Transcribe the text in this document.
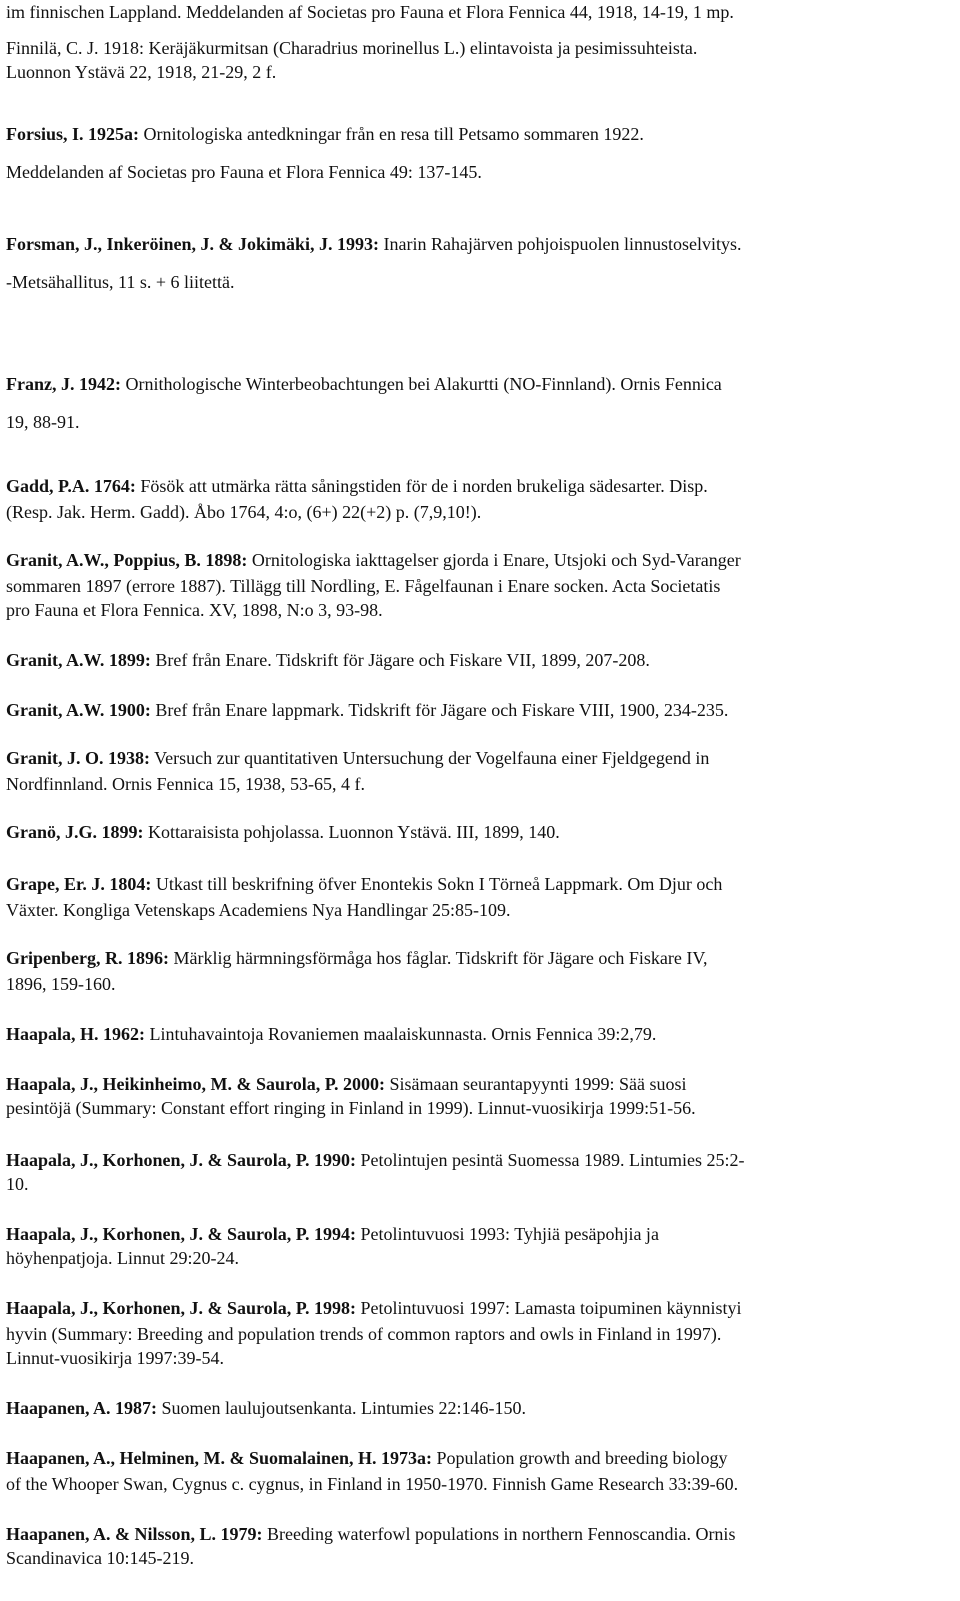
im finnischen Lappland. Meddelanden af Societas pro Fauna et Flora Fennica 44, 1918, 14-19, 1 mp.
Finnilä, C. J. 1918: Keräjäkurmitsan (Charadrius morinellus L.) elintavoista ja pesimissuhteista.
Luonnon Ystävä 22, 1918, 21-29, 2 f.
Forsius, I. 1925a: Ornitologiska antedkningar från en resa till Petsamo sommaren 1922.
Meddelanden af Societas pro Fauna et Flora Fennica 49: 137-145.
Forsman, J., Inkeröinen, J. & Jokimäki, J. 1993: Inarin Rahajärven pohjoispuolen linnustoselvitys.
-Metsähallitus, 11 s. + 6 liitettä.
Franz, J. 1942: Ornithologische Winterbeobachtungen bei Alakurtti (NO-Finnland). Ornis Fennica
19, 88-91.
Gadd, P.A. 1764: Fösök att utmärka rätta såningstiden för de i norden brukeliga sädesarter. Disp.
(Resp. Jak. Herm. Gadd). Åbo 1764, 4:o, (6+) 22(+2) p. (7,9,10!).
Granit, A.W., Poppius, B. 1898: Ornitologiska iakttagelser gjorda i Enare, Utsjoki och Syd-Varanger
sommaren 1897 (errore 1887). Tillägg till Nordling, E. Fågelfaunan i Enare socken. Acta Societatis
pro Fauna et Flora Fennica. XV, 1898, N:o 3, 93-98.
Granit, A.W. 1899: Bref från Enare. Tidskrift för Jägare och Fiskare VII, 1899, 207-208.
Granit, A.W. 1900: Bref från Enare lappmark. Tidskrift för Jägare och Fiskare VIII, 1900, 234-235.
Granit, J. O. 1938: Versuch zur quantitativen Untersuchung der Vogelfauna einer Fjeldgegend in
Nordfinnland. Ornis Fennica 15, 1938, 53-65, 4 f.
Granö, J.G. 1899: Kottaraisista pohjolassa. Luonnon Ystävä. III, 1899, 140.
Grape, Er. J. 1804: Utkast till beskrifning öfver Enontekis Sokn I Törneå Lappmark. Om Djur och
Växter. Kongliga Vetenskaps Academiens Nya Handlingar 25:85-109.
Gripenberg, R. 1896: Märklig härmningsförmåga hos fåglar. Tidskrift för Jägare och Fiskare IV,
1896, 159-160.
Haapala, H. 1962: Lintuhavaintoja Rovaniemen maalaiskunnasta. Ornis Fennica 39:2,79.
Haapala, J., Heikinheimo, M. & Saurola, P. 2000: Sisämaan seurantapyynti 1999: Sää suosi
pesintöjä (Summary: Constant effort ringing in Finland in 1999). Linnut-vuosikirja 1999:51-56.
Haapala, J., Korhonen, J. & Saurola, P. 1990: Petolintujen pesintä Suomessa 1989. Lintumies 25:2-
10.
Haapala, J., Korhonen, J. & Saurola, P. 1994: Petolintuvuosi 1993: Tyhjiä pesäpohjia ja
höyhenpatjoja. Linnut 29:20-24.
Haapala, J., Korhonen, J. & Saurola, P. 1998: Petolintuvuosi 1997: Lamasta toipuminen käynnistyi
hyvin (Summary: Breeding and population trends of common raptors and owls in Finland in 1997).
Linnut-vuosikirja 1997:39-54.
Haapanen, A. 1987: Suomen laulujoutsenkanta. Lintumies 22:146-150.
Haapanen, A., Helminen, M. & Suomalainen, H. 1973a: Population growth and breeding biology
of the Whooper Swan, Cygnus c. cygnus, in Finland in 1950-1970. Finnish Game Research 33:39-60.
Haapanen, A. & Nilsson, L. 1979: Breeding waterfowl populations in northern Fennoscandia. Ornis
Scandinavica 10:145-219.
